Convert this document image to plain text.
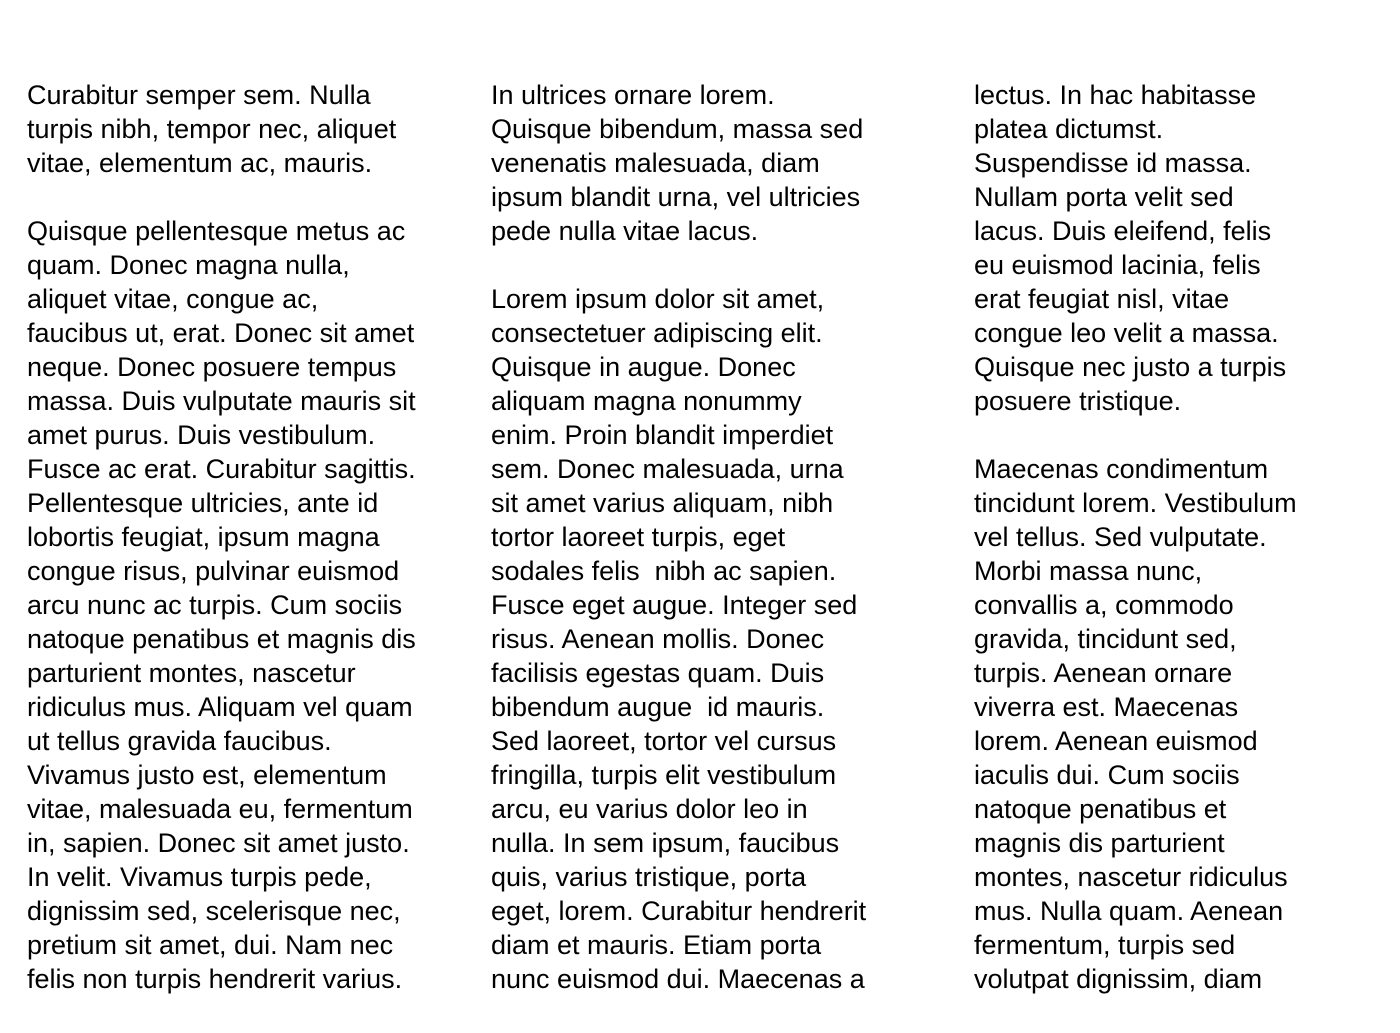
Curabitur semper sem. Nulla
turpis nibh, tempor nec, aliquet
vitae, elementum ac, mauris.

Quisque pellentesque metus ac
quam. Donec magna nulla,
aliquet vitae, congue ac,
faucibus ut, erat. Donec sit amet
neque. Donec posuere tempus
massa. Duis vulputate mauris sit
amet purus. Duis vestibulum.
Fusce ac erat. Curabitur sagittis.
Pellentesque ultricies, ante id
lobortis feugiat, ipsum magna
congue risus, pulvinar euismod
arcu nunc ac turpis. Cum sociis
natoque penatibus et magnis dis
parturient montes, nascetur
ridiculus mus. Aliquam vel quam
ut tellus gravida faucibus.
Vivamus justo est, elementum
vitae, malesuada eu, fermentum
in, sapien. Donec sit amet justo.
In velit. Vivamus turpis pede,
dignissim sed, scelerisque nec,
pretium sit amet, dui. Nam nec
felis non turpis hendrerit varius.

In ultrices ornare lorem.
Quisque bibendum, massa sed
venenatis malesuada, diam
ipsum blandit urna, vel ultricies
pede nulla vitae lacus.

Lorem ipsum dolor sit amet,
consectetuer adipiscing elit.
Quisque in augue. Donec
aliquam magna nonummy
enim. Proin blandit imperdiet
sem. Donec malesuada, urna
sit amet varius aliquam, nibh
tortor laoreet turpis, eget
sodales felis  nibh ac sapien.
Fusce eget augue. Integer sed
risus. Aenean mollis. Donec
facilisis egestas quam. Duis
bibendum augue  id mauris.
Sed laoreet, tortor vel cursus
fringilla, turpis elit vestibulum
arcu, eu varius dolor leo in
nulla. In sem ipsum, faucibus
quis, varius tristique, porta
eget, lorem. Curabitur hendrerit
diam et mauris. Etiam porta
nunc euismod dui. Maecenas a

lectus. In hac habitasse
platea dictumst.
Suspendisse id massa.
Nullam porta velit sed
lacus. Duis eleifend, felis
eu euismod lacinia, felis
erat feugiat nisl, vitae
congue leo velit a massa.
Quisque nec justo a turpis
posuere tristique.

Maecenas condimentum
tincidunt lorem. Vestibulum
vel tellus. Sed vulputate.
Morbi massa nunc,
convallis a, commodo
gravida, tincidunt sed,
turpis. Aenean ornare
viverra est. Maecenas
lorem. Aenean euismod
iaculis dui. Cum sociis
natoque penatibus et
magnis dis parturient
montes, nascetur ridiculus
mus. Nulla quam. Aenean
fermentum, turpis sed
volutpat dignissim, diam
